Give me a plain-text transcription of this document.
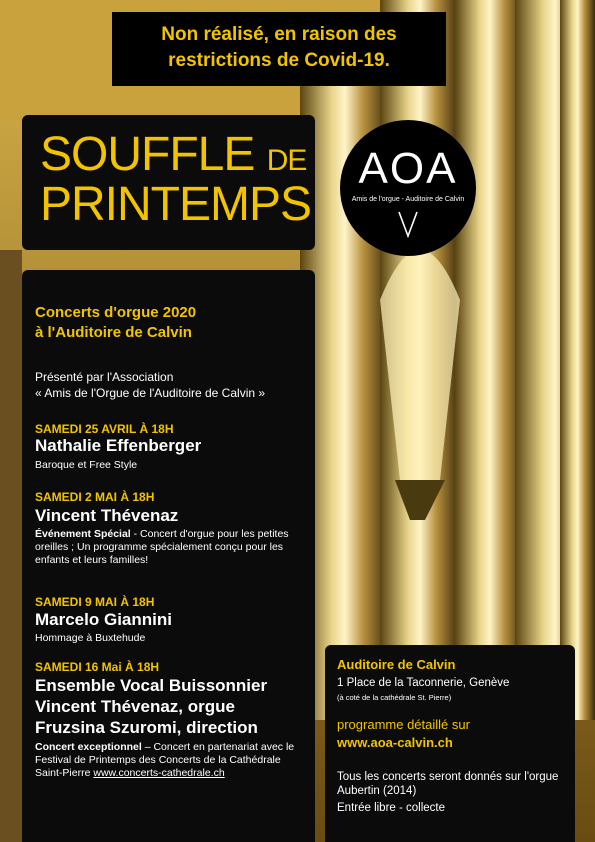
Non réalisé, en raison des
restrictions de Covid-19.
SOUFFLE DE
PRINTEMPS
AOA
Amis de l'orgue - Auditoire de Calvin
Concerts d'orgue 2020
à l'Auditoire de Calvin
Présenté par l'Association
« Amis de l'Orgue de l'Auditoire de Calvin »
SAMEDI 25 AVRIL À 18H
Nathalie Effenberger
Baroque et Free Style
SAMEDI 2 MAI À 18H
Vincent Thévenaz
Événement Spécial - Concert d'orgue pour les petites oreilles ; Un programme spécialement conçu pour les enfants et leurs familles!
SAMEDI 9 MAI À 18H
Marcelo Giannini
Hommage à Buxtehude
SAMEDI 16 Mai À 18H
Ensemble Vocal Buissonnier
Vincent Thévenaz, orgue
Fruzsina Szuromi, direction
Concert exceptionnel – Concert en partenariat avec le Festival de Printemps des Concerts de la Cathédrale Saint-Pierre www.concerts-cathedrale.ch
Auditoire de Calvin
1 Place de la Taconnerie, Genève
(à coté de la cathédrale St. Pierre)
programme détaillé sur
www.aoa-calvin.ch
Tous les concerts seront donnés sur l'orgue Aubertin (2014)
Entrée libre - collecte
